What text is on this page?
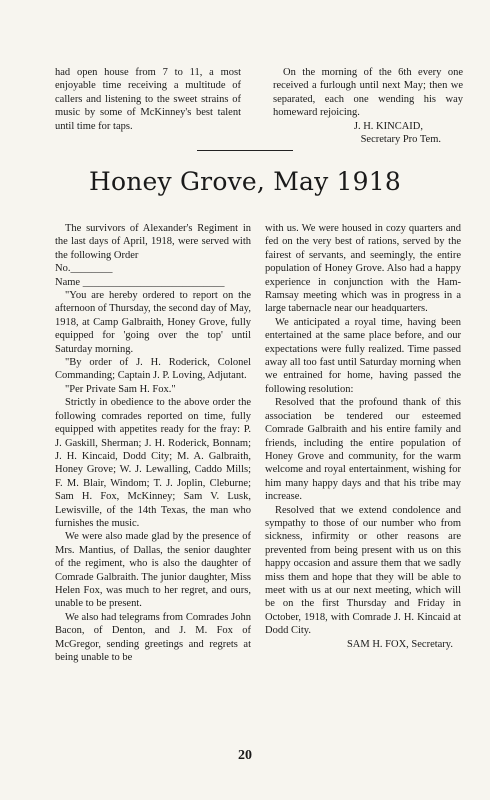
had open house from 7 to 11, a most enjoyable time receiving a multitude of callers and listening to the sweet strains of music by some of McKinney's best talent until time for taps.

On the morning of the 6th every one received a furlough until next May; then we separated, each one wending his way homeward rejoicing.

J. H. KINCAID,

Secretary Pro Tem.

Honey Grove, May 1918

The survivors of Alexander's Regiment in the last days of April, 1918, were served with the following Order

No.________

Name ___________________________

"You are hereby ordered to report on the afternoon of Thursday, the second day of May, 1918, at Camp Galbraith, Honey Grove, fully equipped for 'going over the top' until Saturday morning.

"By order of J. H. Roderick, Colonel Commanding; Captain J. P. Loving, Adjutant.

"Per Private Sam H. Fox."

Strictly in obedience to the above order the following comrades reported on time, fully equipped with appetites ready for the fray: P. J. Gaskill, Sherman; J. H. Roderick, Bonnam; J. H. Kincaid, Dodd City; M. A. Galbraith, Honey Grove; W. J. Lewalling, Caddo Mills; F. M. Blair, Windom; T. J. Joplin, Cleburne; Sam H. Fox, McKinney; Sam V. Lusk, Lewisville, of the 14th Texas, the man who furnishes the music.

We were also made glad by the presence of Mrs. Mantius, of Dallas, the senior daughter of the regiment, who is also the daughter of Comrade Galbraith. The junior daughter, Miss Helen Fox, was much to her regret, and ours, unable to be present.

We also had telegrams from Comrades John Bacon, of Denton, and J. M. Fox of McGregor, sending greetings and regrets at being unable to be

with us. We were housed in cozy quarters and fed on the very best of rations, served by the fairest of servants, and seemingly, the entire population of Honey Grove. Also had a happy experience in conjunction with the Ham-Ramsay meeting which was in progress in a large tabernacle near our headquarters.

We anticipated a royal time, having been entertained at the same place before, and our expectations were fully realized. Time passed away all too fast until Saturday morning when we entrained for home, having passed the following resolution:

Resolved that the profound thank of this association be tendered our esteemed Comrade Galbraith and his entire family and friends, including the entire population of Honey Grove and community, for the warm welcome and royal entertainment, wishing for him many happy days and that his tribe may increase.

Resolved that we extend condolence and sympathy to those of our number who from sickness, infirmity or other reasons are prevented from being present with us on this happy occasion and assure them that we sadly miss them and hope that they will be able to meet with us at our next meeting, which will be on the first Thursday and Friday in October, 1918, with Comrade J. H. Kincaid at Dodd City.

SAM H. FOX, Secretary.

20
